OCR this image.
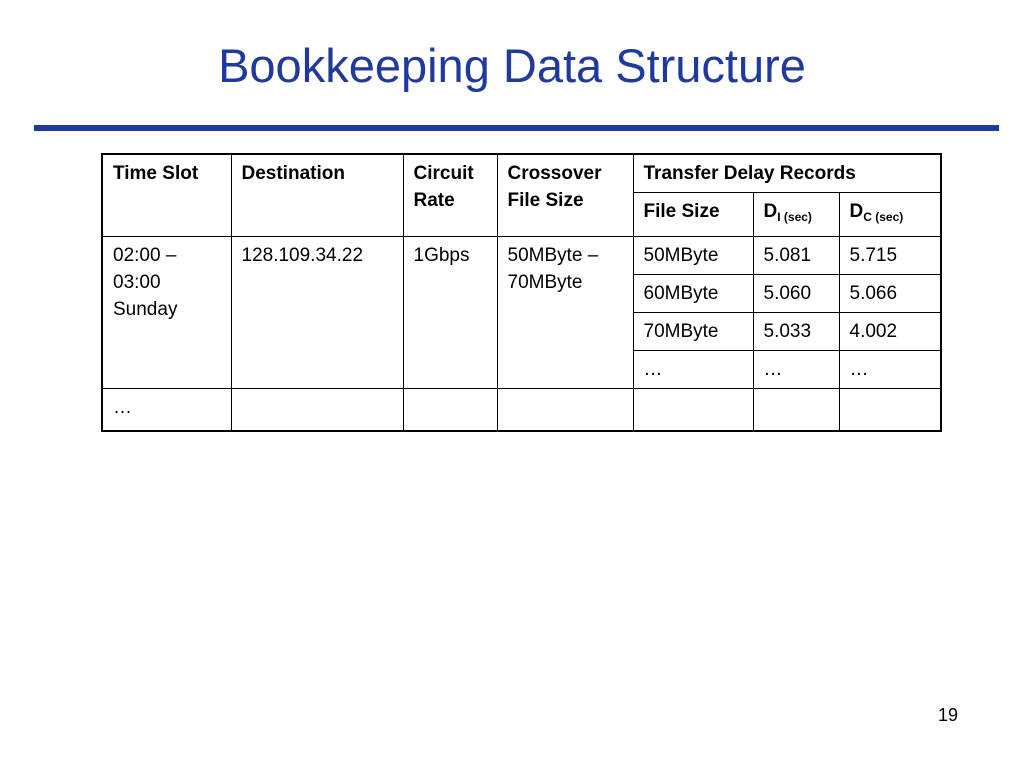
Bookkeeping Data Structure
Time Slot	Destination	Circuit Rate	Crossover File Size	Transfer Delay Records		
				File Size	$D_{I (sec)}$	$D_{C (sec)}$
02:00 – 03:00 Sunday	128.109.34.22	1Gbps	50MByte – 70MByte	50MByte	5.081	5.715
				60MByte	5.060	5.066
				70MByte	5.033	4.002
				…	…	…
…						
19
